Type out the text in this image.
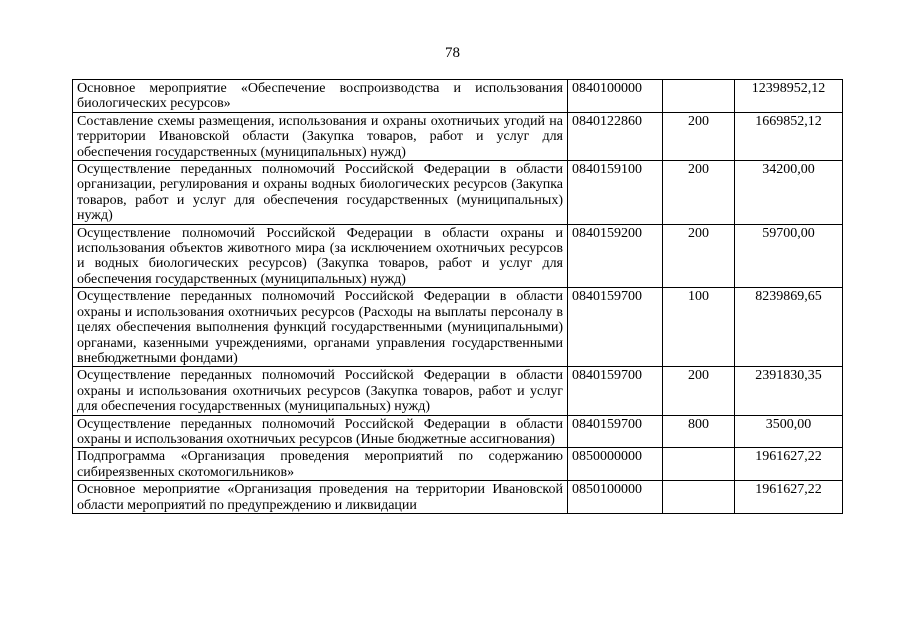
78
Основное мероприятие «Обеспечение воспроизводства и использования биологических ресурсов»	0840100000		12398952,12
Составление схемы размещения, использования и охраны охотничьих угодий на территории Ивановской области (Закупка товаров, работ и услуг для обеспечения государственных (муниципальных) нужд)	0840122860	200	1669852,12
Осуществление переданных полномочий Российской Федерации в области организации, регулирования и охраны водных биологических ресурсов (Закупка товаров, работ и услуг для обеспечения государственных (муниципальных) нужд)	0840159100	200	34200,00
Осуществление полномочий Российской Федерации в области охраны и использования объектов животного мира (за исключением охотничьих ресурсов и водных биологических ресурсов) (Закупка товаров, работ и услуг для обеспечения государственных (муниципальных) нужд)	0840159200	200	59700,00
Осуществление переданных полномочий Российской Федерации в области охраны и использования охотничьих ресурсов (Расходы на выплаты персоналу в целях обеспечения выполнения функций государственными (муниципальными) органами, казенными учреждениями, органами управления государственными внебюджетными фондами)	0840159700	100	8239869,65
Осуществление переданных полномочий Российской Федерации в области охраны и использования охотничьих ресурсов (Закупка товаров, работ и услуг для обеспечения государственных (муниципальных) нужд)	0840159700	200	2391830,35
Осуществление переданных полномочий Российской Федерации в области охраны и использования охотничьих ресурсов (Иные бюджетные ассигнования)	0840159700	800	3500,00
Подпрограмма «Организация проведения мероприятий по содержанию сибиреязвенных скотомогильников»	0850000000		1961627,22
Основное мероприятие «Организация проведения на территории Ивановской области мероприятий по предупреждению и ликвидации	0850100000		1961627,22
